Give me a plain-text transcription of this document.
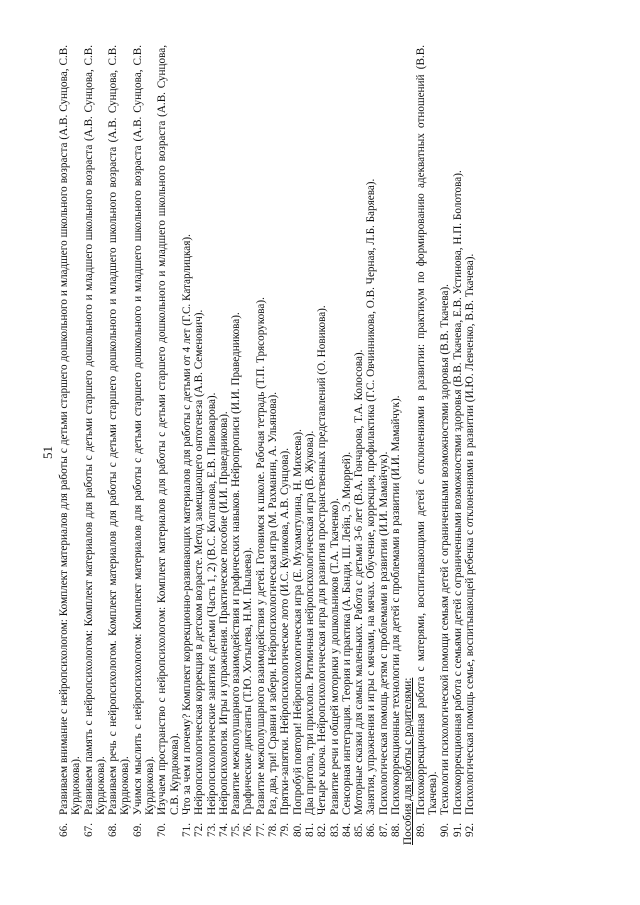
51
66.
Развиваем внимание с нейропсихологом: Комплект материалов для работы с детьми старшего дошкольного и младшего школьного возраста (А.В. Сунцова, С.В. Курдюкова).
67.
Развиваем память с нейропсихологом: Комплект материалов для работы с детьми старшего дошкольного и младшего школьного возраста (А.В. Сунцова, С.В. Курдюкова).
68.
Развиваем речь с нейропсихологом. Комплект материалов для работы с детьми старшего дошкольного и младшего школьного возраста (А.В. Сунцова, С.В. Курдюкова).
69.
Учимся мыслить с нейропсихологом: Комплект материалов для работы с детьми старшего дошкольного и младшего школьного возраста (А.В. Сунцова, С.В. Курдюкова).
70.
Изучаем пространство с нейропсихологом: Комплект материалов для работы с детьми старшего дошкольного и младшего школьного возраста (А.В. Сунцова, С.В. Курдюкова).
71.
Что за чем и почему? Комплект коррекционно-развивающих материалов для работы с детьми от 4 лет (Г.С. Катарлицкая).
72.
Нейропсихологическая коррекция в детском возрасте. Метод замещающего онтогенеза (А.В. Семенович).
73.
Нейропсихологические занятия с детьми (Часть 1, 2) (В.С. Колганова, Е.В. Пивоварова).
74.
Нейропсихология. Игры и упражнения. Практическое пособие (И.И. Праведникова).
75.
Развитие межполушарного взаимодействия и графических навыков. Нейропрописи (И.И. Праведникова).
76.
Графические диктанты (Т.Ю. Хотылева, Н.М. Пылаева).
77.
Развитие межполушарного взаимодействия у детей. Готовимся к школе. Рабочая тетрадь (Т.П. Трясорукова).
78.
Раз, два, три! Сравни и забери. Нейропсихологическая игра (М. Рахманин, А. Ульянова).
79.
Прятки-запятки. Нейропсихологическое лото (И.С. Куликова, А.В. Сунцова).
80.
Попробуй повтори! Нейропсихологическая игра (Е. Мухаматулина, Н. Михеева).
81.
Два притопа, три прихлопа. Ритмичная нейропсихологическая игра (В. Жукова).
82.
Четыре ключа. Нейропсихологическая игра для развития пространственных представлений (О. Новикова).
83.
Развитие речи и общей моторики у дошкольников (Т.А. Ткаченко).
84.
Сенсорная интеграция. Теория и практика (А. Банди, Ш. Лейн, Э. Мюррей).
85.
Моторные сказки для самых маленьких. Работа с детьми 3-6 лет (В.А. Гончарова, Т.А. Колосова).
86.
Занятия, упражнения и игры с мячами, на мячах. Обучение, коррекция, профилактика (Г.С. Овчинникова, О.В. Черная, Л.Б. Баряева).
87.
Психологическая помощь детям с проблемами в развитии (И.И. Мамайчук).
88.
Психокоррекционные технологии для детей с проблемами в развитии (И.И. Мамайчук). Пособия для работы с родителями: 89.
Психокоррекционная работа с матерями, воспитывающими детей с отклонениями в развитии: практикум по формированию адекватных отношений (В.В. Ткачева).
90.
Технологии психологической помощи семьям детей с ограниченными возможностями здоровья (В.В. Ткачева).
91.
Психокоррекционная работа с семьями детей с ограниченными возможностями здоровья (В.В. Ткачева, Е.В. Устинова, Н.П. Болотова).
92.
Психологическая помощь семье, воспитывающей ребенка с отклонениями в развитии (И.Ю. Левченко, В.В. Ткачева).
